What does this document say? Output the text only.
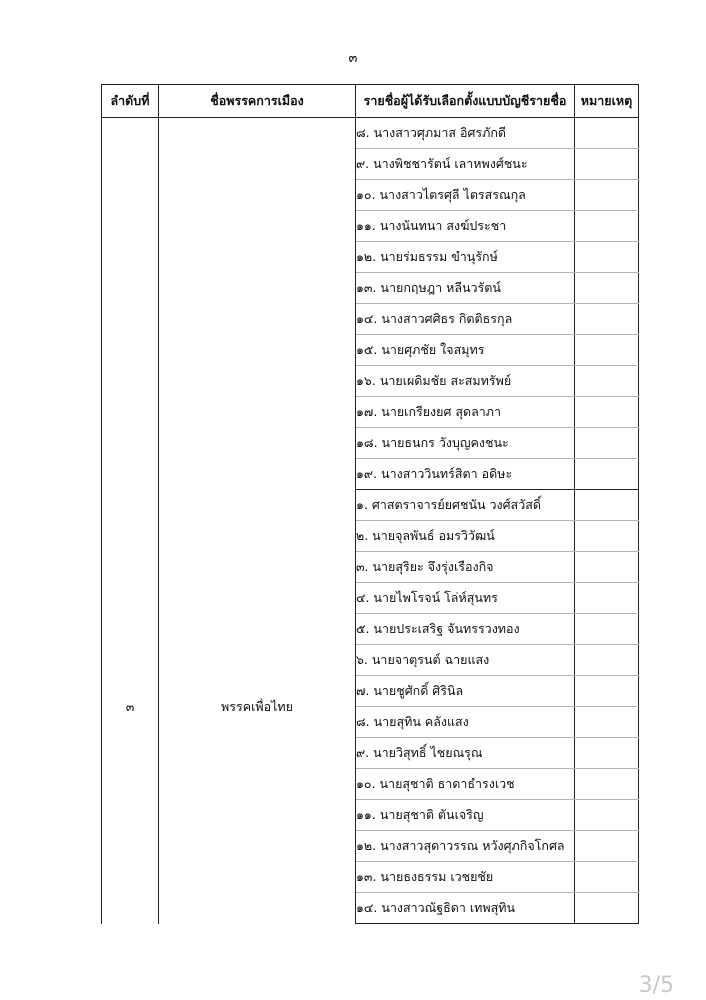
๓
ลำดับที่	ชื่อพรรคการเมือง	รายชื่อผู้ได้รับเลือกตั้งแบบบัญชีรายชื่อ	หมายเหตุ
		๘. นางสาวศุภมาส อิศรภักดี	
		๙. นางพิชชารัตน์ เลาหพงศ์ชนะ	
		๑๐. นางสาวไตรศุลี ไตรสรณกุล	
		๑๑. นางนันทนา สงฆ์ประชา	
		๑๒. นายร่มธรรม ขำนุรักษ์	
		๑๓. นายกฤษฎา หลีนวรัตน์	
		๑๔. นางสาวศศิธร กิตติธรกุล	
		๑๕. นายศุภชัย ใจสมุทร	
		๑๖. นายเผดิมชัย สะสมทรัพย์	
		๑๗. นายเกรียงยศ สุดลาภา	
		๑๘. นายธนกร วังบุญคงชนะ	
		๑๙. นางสาววินทร์สิตา อดิษะ	
๓	พรรคเพื่อไทย	๑. ศาสตราจารย์ยศชนัน วงศ์สวัสดิ์	
		๒. นายจุลพันธ์ อมรวิวัฒน์	
		๓. นายสุริยะ จึงรุ่งเรืองกิจ	
		๔. นายไพโรจน์ โล่ห์สุนทร	
		๕. นายประเสริฐ จันทรรวงทอง	
		๖. นายจาตุรนต์ ฉายแสง	
		๗. นายชูศักดิ์ ศิรินิล	
		๘. นายสุทิน คลังแสง	
		๙. นายวิสุทธิ์ ไชยณรุณ	
		๑๐. นายสุชาติ ธาดาธำรงเวช	
		๑๑. นายสุชาติ ตันเจริญ	
		๑๒. นางสาวสุดาวรรณ หวังศุภกิจโกศล	
		๑๓. นายธงธรรม เวชยชัย	
		๑๔. นางสาวณัฐธิดา เทพสุทิน	
3/5
